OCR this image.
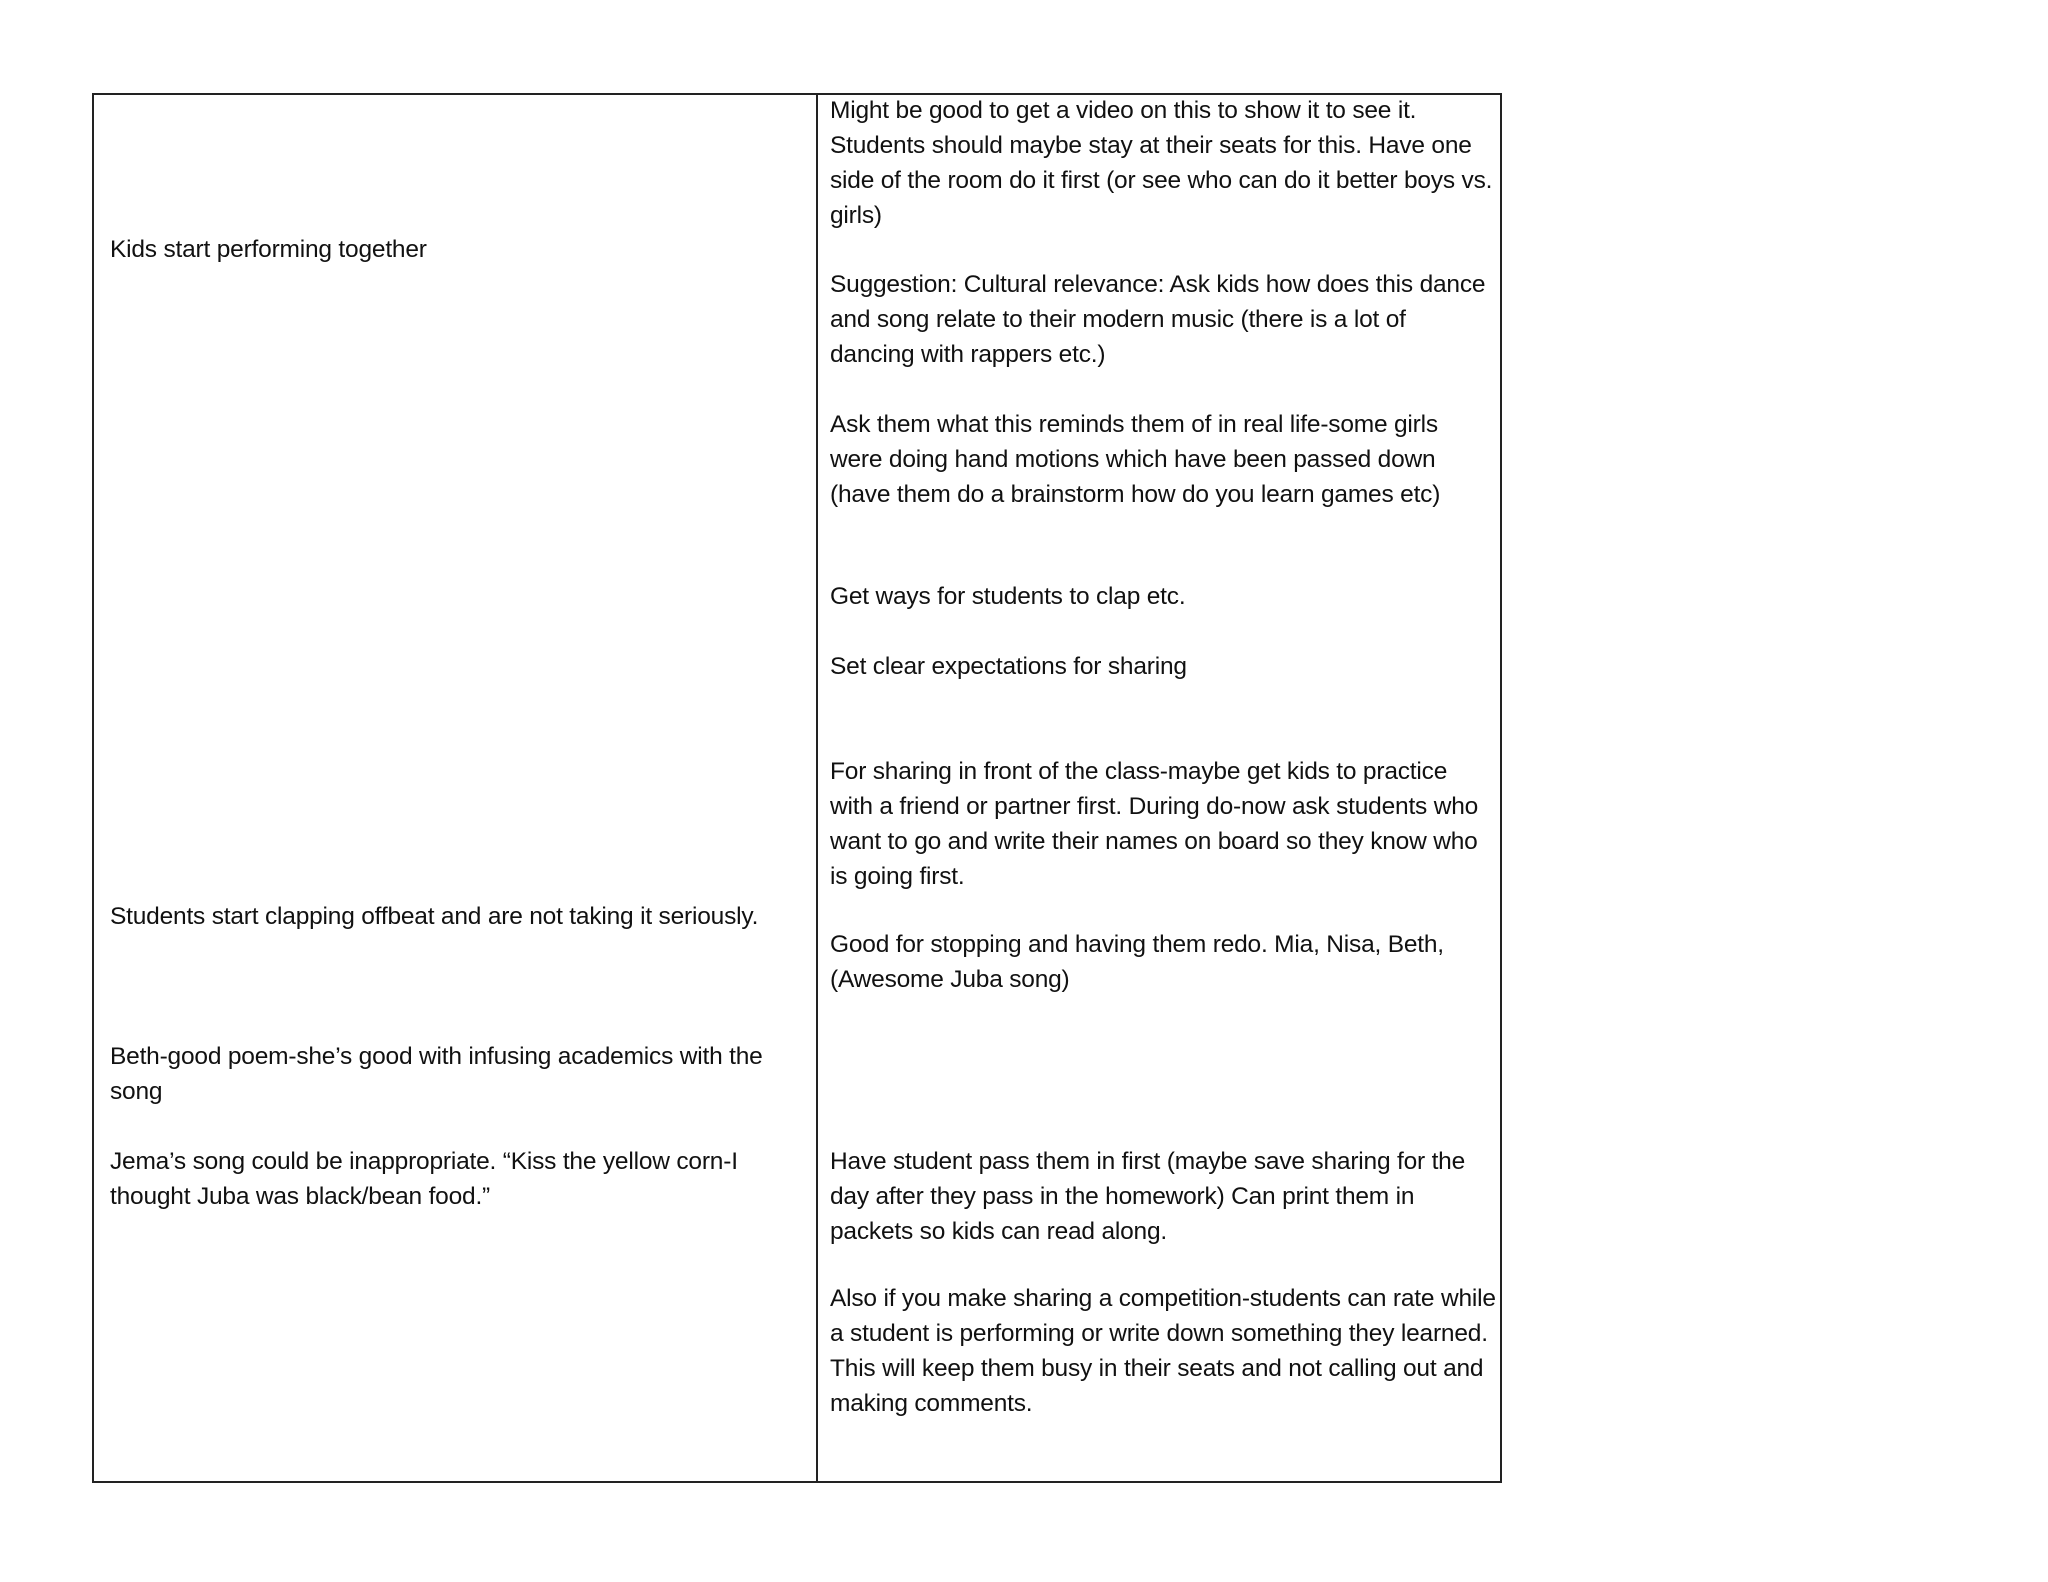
Kids start performing together

Students start clapping offbeat and are not taking it seriously.

Beth-good poem-she’s good with infusing academics with the song

Jema’s song could be inappropriate. “Kiss the yellow corn-I thought Juba was black/bean food.”

Might be good to get a video on this to show it to see it. Students should maybe stay at their seats for this. Have one side of the room do it first (or see who can do it better boys vs. girls)

Suggestion: Cultural relevance: Ask kids how does this dance and song relate to their modern music (there is a lot of dancing with rappers etc.)

Ask them what this reminds them of in real life-some girls were doing hand motions which have been passed down (have them do a brainstorm how do you learn games etc)

Get ways for students to clap etc.

Set clear expectations for sharing

For sharing in front of the class-maybe get kids to practice with a friend or partner first. During do-now ask students who want to go and write their names on board so they know who is going first.

Good for stopping and having them redo. Mia, Nisa, Beth, (Awesome Juba song)

Have student pass them in first (maybe save sharing for the day after they pass in the homework) Can print them in packets so kids can read along.

Also if you make sharing a competition-students can rate while a student is performing or write down something they learned. This will keep them busy in their seats and not calling out and making comments.
